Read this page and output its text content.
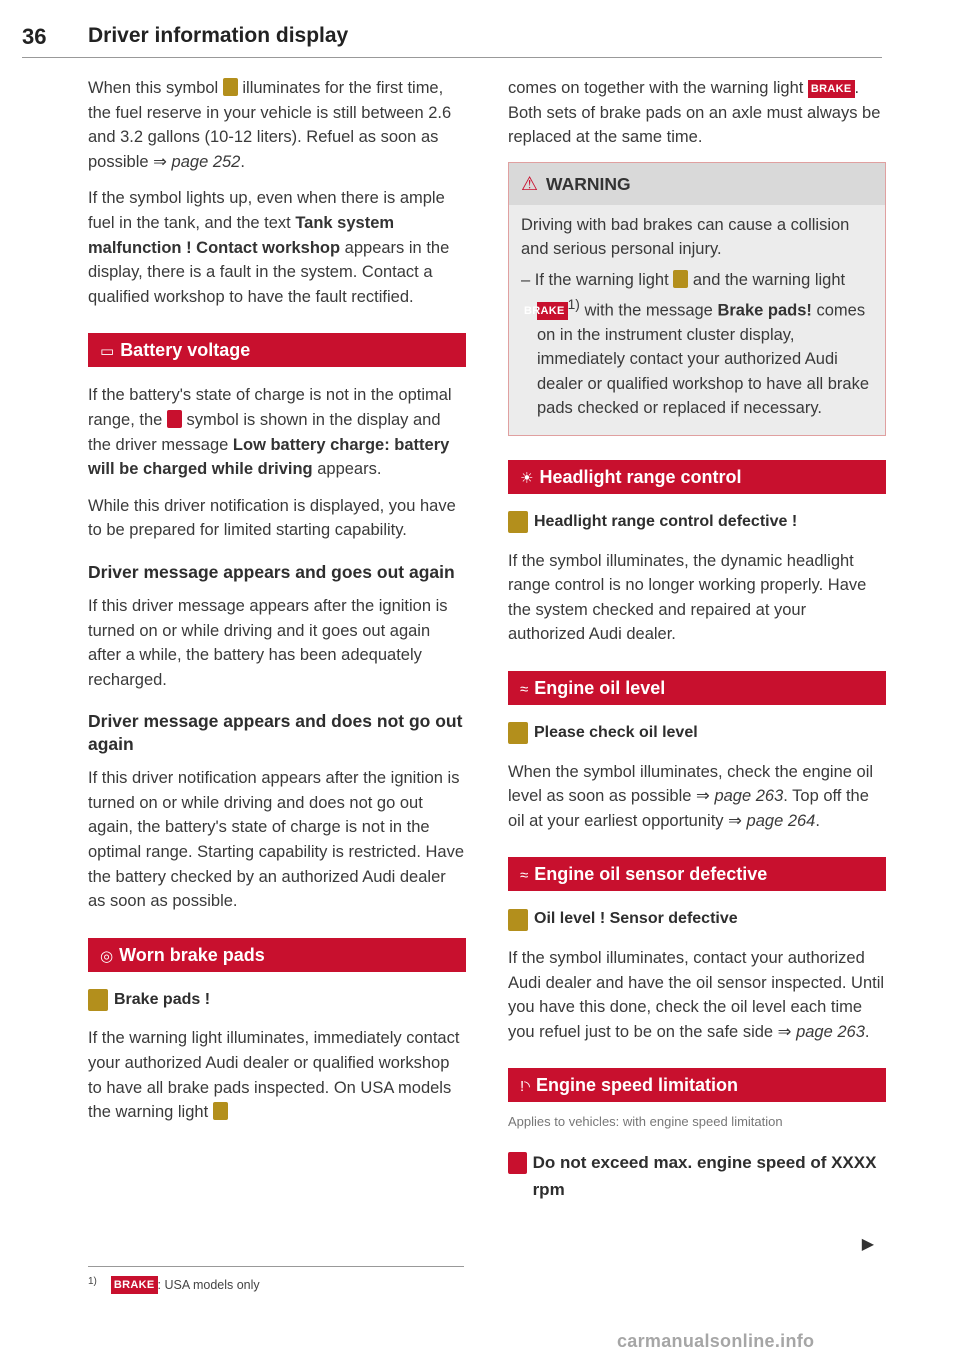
36 Driver information display

When this symbol  illuminates for the first time, the fuel reserve in your vehicle is still between 2.6 and 3.2 gallons (10-12 liters). Refuel as soon as possible ⇒ page 252.

If the symbol lights up, even when there is ample fuel in the tank, and the text Tank system malfunction ! Contact workshop appears in the display, there is a fault in the system. Contact a qualified workshop to have the fault rectified.

▭ Battery voltage

If the battery's state of charge is not in the optimal range, the  symbol is shown in the display and the driver message Low battery charge: battery will be charged while driving appears.

While this driver notification is displayed, you have to be prepared for limited starting capability.

Driver message appears and goes out again

If this driver message appears after the ignition is turned on or while driving and it goes out again after a while, the battery has been adequately recharged.

Driver message appears and does not go out again

If this driver notification appears after the ignition is turned on or while driving and does not go out again, the battery's state of charge is not in the optimal range. Starting capability is restricted. Have the battery checked by an authorized Audi dealer as soon as possible.

◎ Worn brake pads
Brake pads !

If the warning light illuminates, immediately contact your authorized Audi dealer or qualified workshop to have all brake pads inspected. On USA models the warning light

comes on together with the warning light BRAKE . Both sets of brake pads on an axle must always be replaced at the same time.

⚠ WARNING

Driving with bad brakes can cause a collision and serious personal injury.

– If the warning light  and the warning light BRAKE $^{1)}$ with the message Brake pads! comes on in the instrument cluster display, immediately contact your authorized Audi dealer or qualified workshop to have all brake pads checked or replaced if necessary.

☀ Headlight range control
Headlight range control defective !

If the symbol illuminates, the dynamic headlight range control is no longer working properly. Have the system checked and repaired at your authorized Audi dealer.

≈ Engine oil level
Please check oil level

When the symbol illuminates, check the engine oil level as soon as possible ⇒ page 263. Top off the oil at your earliest opportunity ⇒ page 264.

≈ Engine oil sensor defective
Oil level ! Sensor defective

If the symbol illuminates, contact your authorized Audi dealer and have the oil sensor inspected. Until you have this done, check the oil level each time you refuel just to be on the safe side ⇒ page 263.

!◝ Engine speed limitation
Applies to vehicles: with engine speed limitation
Do not exceed max. engine speed of XXXX rpm
▶
$^{1)}$ BRAKE : USA models only
carmanualsonline.info
